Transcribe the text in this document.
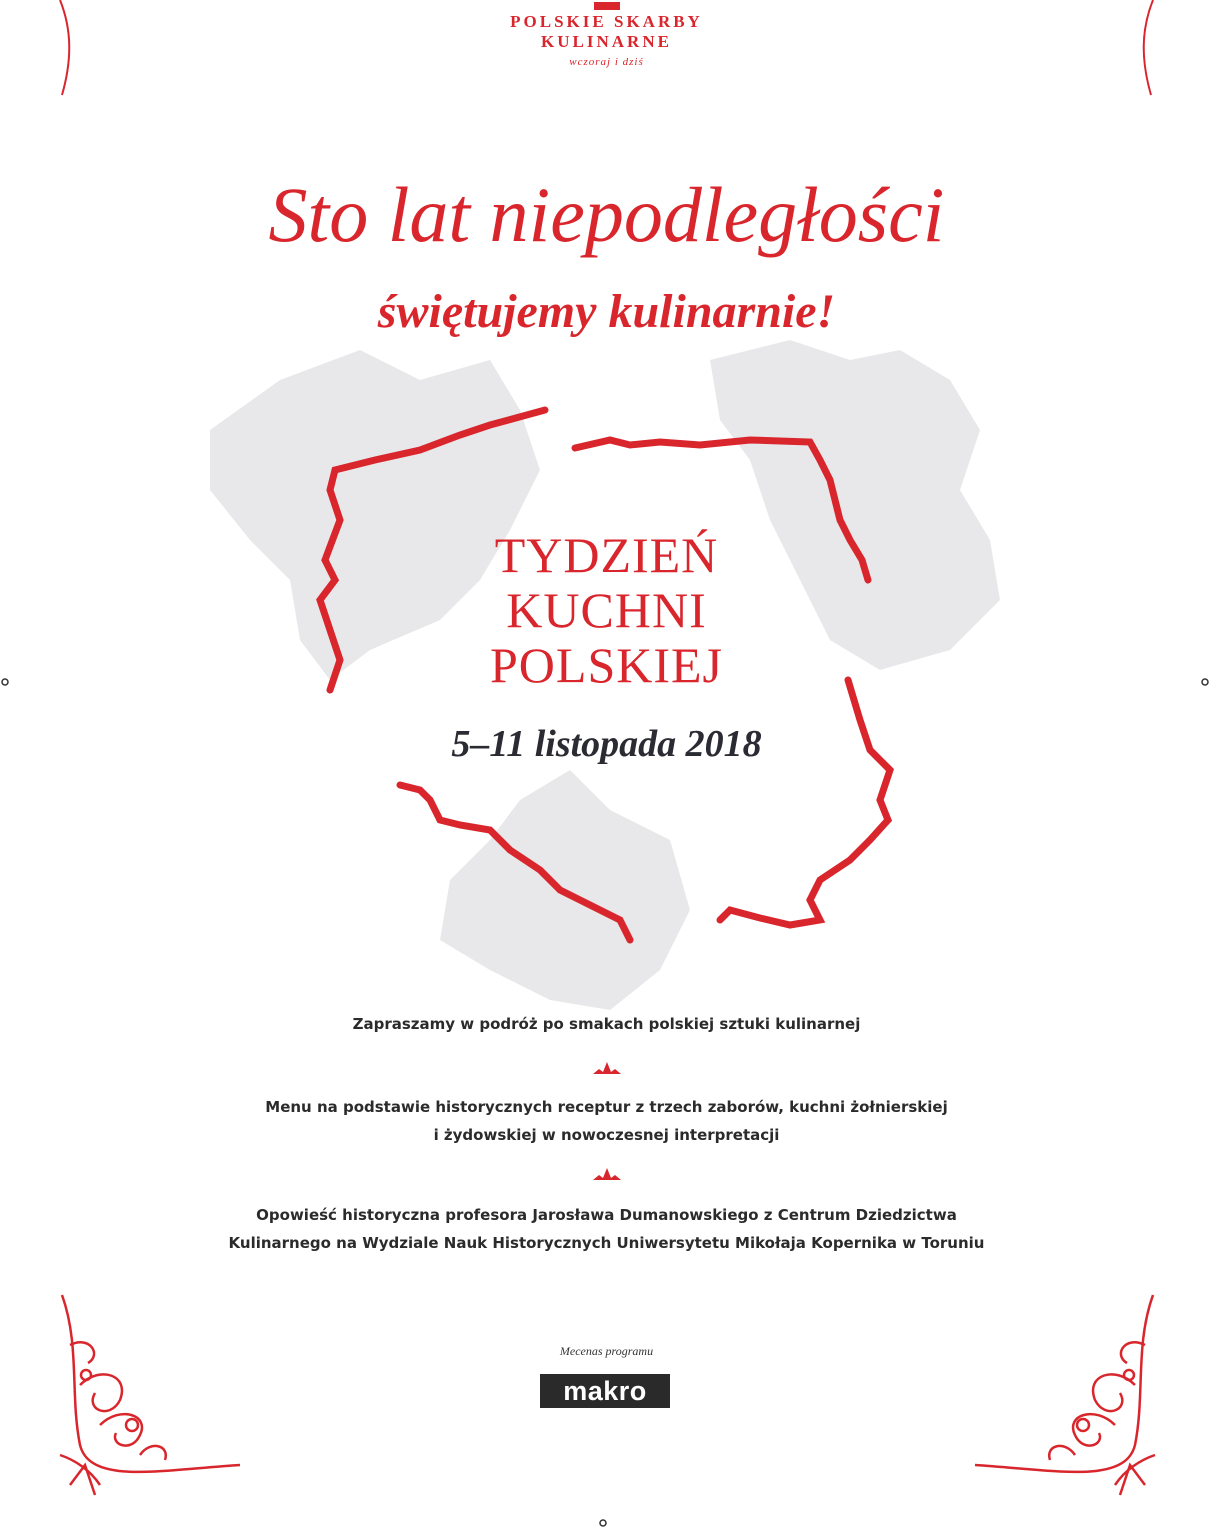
POLSKIE SKARBY
KULINARNE
wczoraj i dziś
Sto lat niepodległości
świętujemy kulinarnie!
TYDZIEŃ
KUCHNI
POLSKIEJ
5–11 listopada 2018
Zapraszamy w podróż po smakach polskiej sztuki kulinarnej
Menu na podstawie historycznych receptur z trzech zaborów, kuchni żołnierskiej
i żydowskiej w nowoczesnej interpretacji
Opowieść historyczna profesora Jarosława Dumanowskiego z Centrum Dziedzictwa
Kulinarnego na Wydziale Nauk Historycznych Uniwersytetu Mikołaja Kopernika w Toruniu
Mecenas programu
makro
